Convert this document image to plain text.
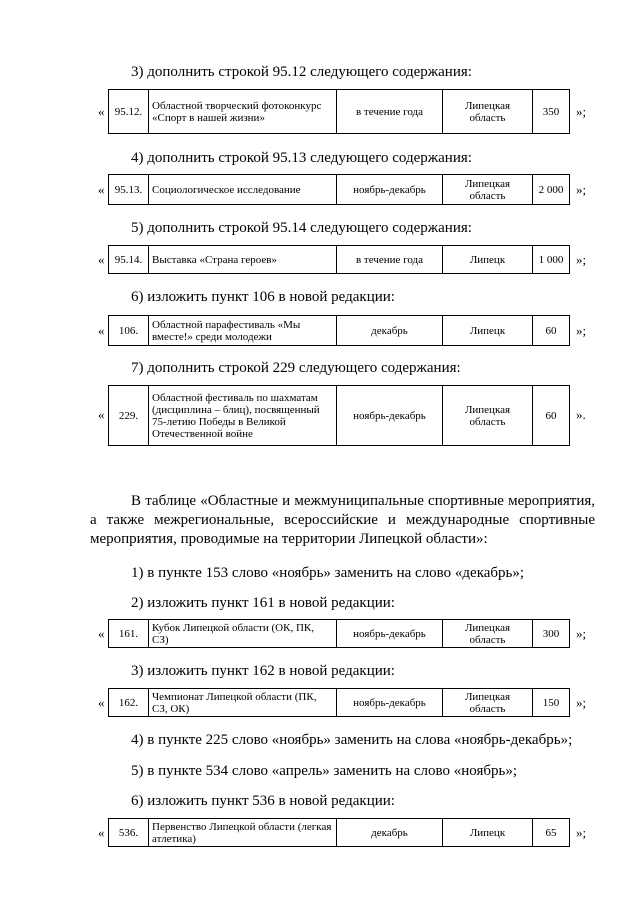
3) дополнить строкой 95.12 следующего содержания:
« 95.12.	Областной творческий фотоконкурс «Спорт в нашей жизни»	в течение года	Липецкая область	350 »;
4) дополнить строкой 95.13 следующего содержания:
« 95.13.	Социологическое исследование	ноябрь-декабрь	Липецкая область	2 000 »;
5) дополнить строкой 95.14 следующего содержания:
« 95.14.	Выставка «Страна героев»	в течение года	Липецк	1 000 »;
6) изложить пункт 106 в новой редакции:
« 106.	Областной парафестиваль «Мы вместе!» среди молодежи	декабрь	Липецк	60 »;
7) дополнить строкой 229 следующего содержания:
« 229.	Областной фестиваль по шахматам (дисциплина – блиц), посвященный 75-летию Победы в Великой Отечественной войне	ноябрь-декабрь	Липецкая область	60 ».
В таблице «Областные и межмуниципальные спортивные мероприятия,
а также межрегиональные, всероссийские и международные спортивные
мероприятия, проводимые на территории Липецкой области»:
1) в пункте 153 слово «ноябрь» заменить на слово «декабрь»;
2) изложить пункт 161 в новой редакции:
« 161.	Кубок Липецкой области (ОК, ПК, СЗ)	ноябрь-декабрь	Липецкая область	300 »;
3) изложить пункт 162 в новой редакции:
« 162.	Чемпионат Липецкой области (ПК, СЗ, ОК)	ноябрь-декабрь	Липецкая область	150 »;
4) в пункте 225 слово «ноябрь» заменить на слова «ноябрь-декабрь»;
5) в пункте 534 слово «апрель» заменить на слово «ноябрь»;
6) изложить пункт 536 в новой редакции:
« 536.	Первенство Липецкой области (легкая атлетика)	декабрь	Липецк	65 »;
